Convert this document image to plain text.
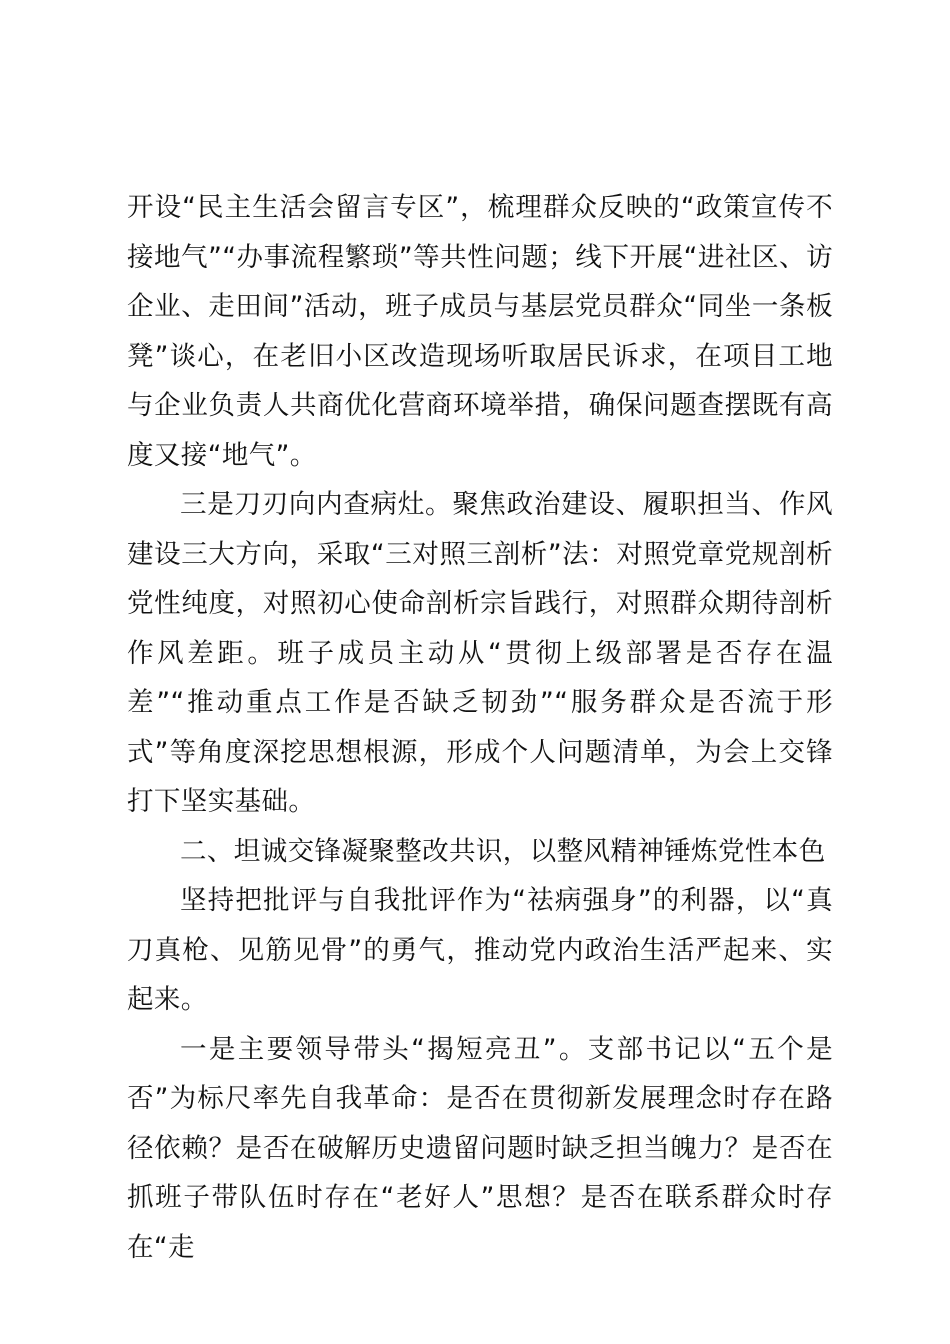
开设“民主生活会留言专区”，梳理群众反映的“政策宣传不接地气”“办事流程繁琐”等共性问题；线下开展“进社区、访企业、走田间”活动，班子成员与基层党员群众“同坐一条板凳”谈心，在老旧小区改造现场听取居民诉求，在项目工地与企业负责人共商优化营商环境举措，确保问题查摆既有高度又接“地气”。

三是刀刃向内查病灶。聚焦政治建设、履职担当、作风建设三大方向，采取“三对照三剖析”法：对照党章党规剖析党性纯度，对照初心使命剖析宗旨践行，对照群众期待剖析作风差距。班子成员主动从“贯彻上级部署是否存在温差”“推动重点工作是否缺乏韧劲”“服务群众是否流于形式”等角度深挖思想根源，形成个人问题清单，为会上交锋打下坚实基础。

二、坦诚交锋凝聚整改共识，以整风精神锤炼党性本色

坚持把批评与自我批评作为“祛病强身”的利器，以“真刀真枪、见筋见骨”的勇气，推动党内政治生活严起来、实起来。

一是主要领导带头“揭短亮丑”。支部书记以“五个是否”为标尺率先自我革命：是否在贯彻新发展理念时存在路径依赖？是否在破解历史遗留问题时缺乏担当魄力？是否在抓班子带队伍时存在“老好人”思想？是否在联系群众时存在“走
